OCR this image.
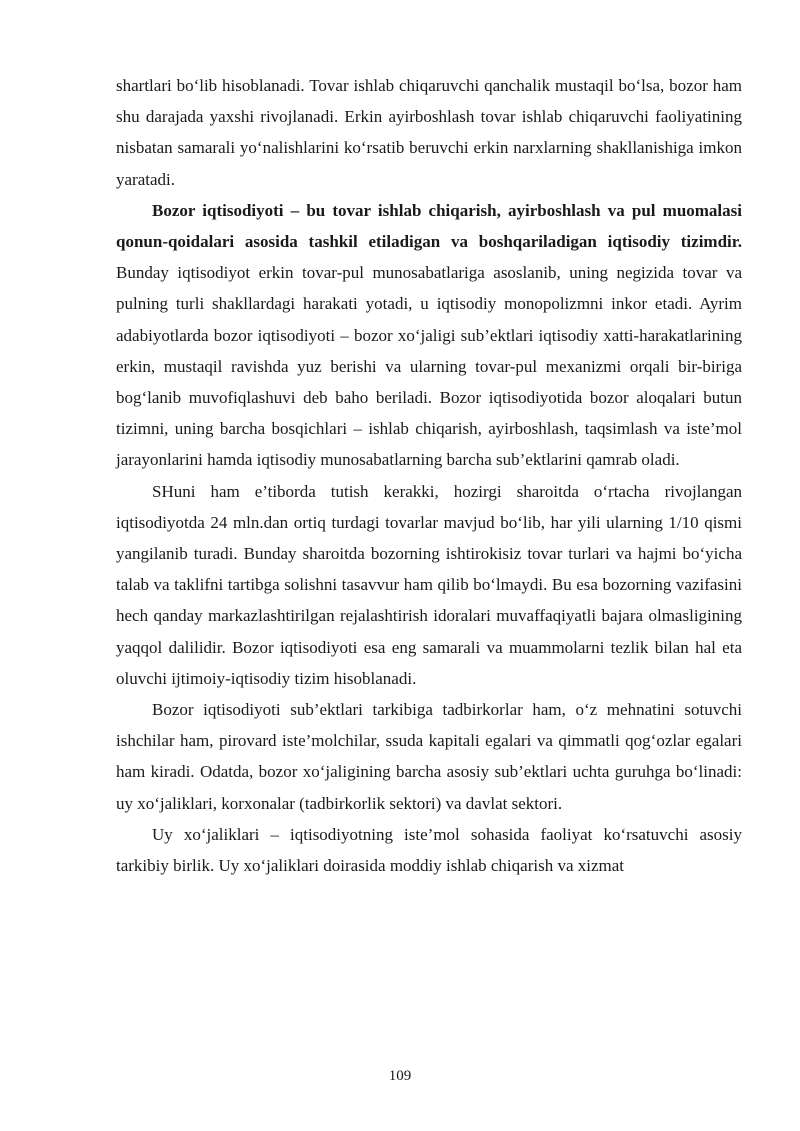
shartlari boʻlib hisoblanadi. Tovar ishlab chiqaruvchi qanchalik mustaqil boʻlsa, bozor ham shu darajada yaxshi rivojlanadi. Erkin ayirboshlash tovar ishlab chiqaruvchi faoliyatining nisbatan samarali yoʻnalishlarini koʻrsatib beruvchi erkin narxlarning shakllanishiga imkon yaratadi.

Bozor iqtisodiyoti – bu tovar ishlab chiqarish, ayirboshlash va pul muomalasi qonun-qoidalari asosida tashkil etiladigan va boshqariladigan iqtisodiy tizimdir. Bunday iqtisodiyot erkin tovar-pul munosabatlariga asoslanib, uning negizida tovar va pulning turli shakllardagi harakati yotadi, u iqtisodiy monopolizmni inkor etadi. Ayrim adabiyotlarda bozor iqtisodiyoti – bozor xoʻjaligi sub’ektlari iqtisodiy xatti-harakatlarining erkin, mustaqil ravishda yuz berishi va ularning tovar-pul mexanizmi orqali bir-biriga bogʻlanib muvofiqlashuvi deb baho beriladi. Bozor iqtisodiyotida bozor aloqalari butun tizimni, uning barcha bosqichlari – ishlab chiqarish, ayirboshlash, taqsimlash va iste’mol jarayonlarini hamda iqtisodiy munosabatlarning barcha sub’ektlarini qamrab oladi.

SHuni ham e’tiborda tutish kerakki, hozirgi sharoitda oʻrtacha rivojlangan iqtisodiyotda 24 mln.dan ortiq turdagi tovarlar mavjud boʻlib, har yili ularning 1/10 qismi yangilanib turadi. Bunday sharoitda bozorning ishtirokisiz tovar turlari va hajmi boʻyicha talab va taklifni tartibga solishni tasavvur ham qilib boʻlmaydi. Bu esa bozorning vazifasini hech qanday markazlashtirilgan rejalashtirish idoralari muvaffaqiyatli bajara olmasligining yaqqol dalilidir. Bozor iqtisodiyoti esa eng samarali va muammolarni tezlik bilan hal eta oluvchi ijtimoiy-iqtisodiy tizim hisoblanadi.

Bozor iqtisodiyoti sub’ektlari tarkibiga tadbirkorlar ham, oʻz mehnatini sotuvchi ishchilar ham, pirovard iste’molchilar, ssuda kapitali egalari va qimmatli qogʻozlar egalari ham kiradi. Odatda, bozor xoʻjaligining barcha asosiy sub’ektlari uchta guruhga boʻlinadi: uy xoʻjaliklari, korxonalar (tadbirkorlik sektori) va davlat sektori.

Uy xoʻjaliklari – iqtisodiyotning iste’mol sohasida faoliyat koʻrsatuvchi asosiy tarkibiy birlik. Uy xoʻjaliklari doirasida moddiy ishlab chiqarish va xizmat

109
